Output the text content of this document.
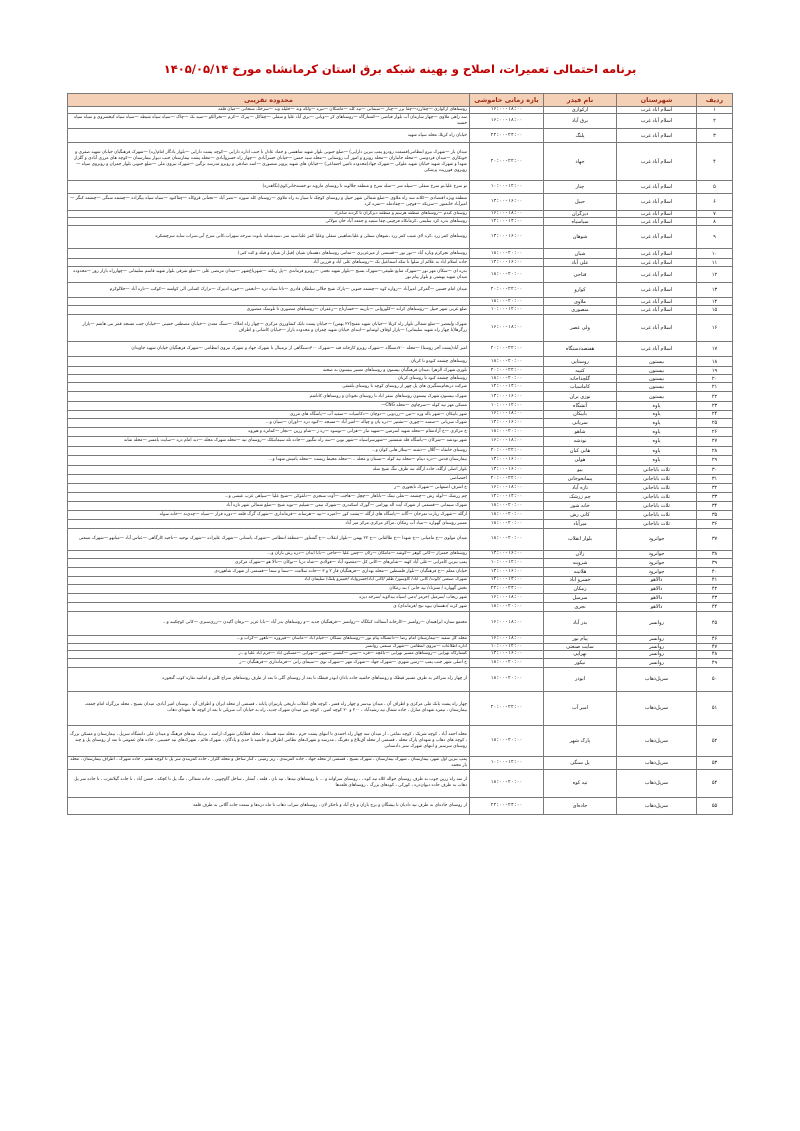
برنامه احتمالی تعمیرات، اصلاح و بهینه شبکه برق استان کرمانشاه مورخ ۱۴۰۵/۰۵/۱۴
ردیف	شهرستان	نام فیدر	بازه زمانی خاموشی	محدوده تقریبی
۱	اسلام آباد غرب	ارکوازی	۱۶:۰۰-۱۸:۰۰	روستاهای ارکوازی —چقازرد—چقا بزر —چنار —سیمانی —تپه کله —ماشکان —تیره —ولکه وند —جلیله وند —سرخک سنجابی —میان قلعه
۲	اسلام آباد غرب	برق آباد	۱۶:۰۰-۱۸:۰۰	سه راهی ملاوی —چهار سازمان آب بلوار فیاضی —کشتارگاه —روستاهای کر —ویانی —برق آباد علیا و سفلی —چقاکل —پیرک —کرم —تخرالکو —سید بک —چاک —سیاه سیاه شیطه —سیاه سیاه کیخسروی و سیاه سیاه خشید
۳	اسلام آباد غرب	پلنگ	۲۲:۰۰-۲۴:۰۰	خیابان راه کربلا، محله سپاه شهید
۴	اسلام آباد غرب	جهاد	۲۰:۰۰-۲۲:۰۰	میدان بار —شهرک نیرو انتظامی(قسمت رودرو پمپ بنزین دارایی) —ضلع جنوبی بلوار شهید شاهسی و حماد عادل تا جنب اداره دارایی —کوچه پشت دارایی —بلوار یادگار امام(ره) —شهرک فرهنگیان خیابان شهید صفری و خونکاری —میدان فردوسی —محله جانبازان —محله روبرو و امور آب روستایی —محله سید حسن —خیابان حسرآبادی —چهار راه خسروآبادی —محله پشت بیمارستان جنب دیوار بیمارستان —کوچه های مرزی آبادی و گلزار شهدا و شهرک شهید خیابان شهید ملوکی —شهرک جهاد(محدوده تامین اجتماعی) —خیابان های شهید پرویز منصوری —اسد صادقی و روبرو مدرسه برگین —شهرک نیروی ملی —ضلع جنوبی بلوار جمران و روبروی سپاه —روبروی فورریت پزشکی
۵	اسلام آباد غرب	چنار	۱۰:۰۰-۱۲:۰۰	تو سرخ علیا،تو سرخ سفلی —سیله سر —سله سرخ و منطقه جلالوند تا روستای ماروند تو خسته‌خانی‌کوی(نگاهدره)
۶	اسلام آباد غرب	حبیل	۱۴:۰۰-۱۶:۰۰	منطقه ویژه اقتصادی —کلانه سه راه ملاوی —ضلع شمالی شهر حبیل و روستای کوچک تا سیار به راه ملاوی —روستای کله سوره —نصر آباد —تحتانی قروکاه —چقاکبود —سیاه سیاه بیگزاده —چشمه سنگی —چشمه کنگر —امیرآباد خانمنور —سریکه —فوچی —چقادمله —تمره کرد
۷	اسلام آباد غرب	دیزگران	۱۶:۰۰-۱۸:۰۰	روستای کندم —روستاهای منطقه هرسم و منطقه دیزگران تا گردنه شاه‌زاد
۸	اسلام آباد غرب	سیاسیاه	۱۲:۰۰-۱۴:۰۰	روستاهای بدره کرد سلیمی ،کرمانکاه فرچینی،چقا سفید و جمعه آباد خان مولائی
۹	اسلام آباد غرب	شوهان	۱۴:۰۰-۱۶:۰۰	روستاهای کمر زرد ،کزه لای شیب کمر زرد ،شوهان سفلی و علیا،شاهینی سفلی وعلیا کمر علیا،سیه سر ،سیه‌شبانه بانوت سرخه سهراب،کانی سرخ آبی،سراب سایه سرچشکره
۱۰	اسلام آباد غرب	شیان	۱۸:۰۰-۲۰:۰۰	روستاهای تجرکرم وتاره آباد —نور نور —قسمتی از میرعزیزی —تمامی روستاهای دهستان شیان (قبل از شیان و قبله و کت کتی)
۱۱	اسلام آباد غرب	علی آباد	۱۴:۰۰-۱۶:۰۰	جاده اسلام اباد به علائم از سلوا تا تنکه اسماعیل بک —روستاهای علی اباد و فرزین آباد
۱۲	اسلام آباد غرب	فتاحی	۱۸:۰۰-۲۰:۰۰	بدره ای —سکان مهر نور —شهرک منابع طبیعی—شهرک بسیج —بلوار شهید نخعی —روبرو فرماندی —پل زنکنه —شهرباغ‌شهر —میدان مرتضی علی —ضلع شرقی بلوار شهید قاسم سلیمانی —چهارراه بازار روز —محدوده میدان شهید بهشتی و بلوار پیام نور
۱۳	اسلام آباد غرب	کوارو	۲۰:۰۰-۲۲:۰۰	میدان امام حسین —گمرکی امیرآباد —زواره کوه —چشمه جنوبی —پارک شیخ جلالی سلطان قادری —تاتا سیاه دره —انجمن —حوزه ادبیرک —نزارک کسانی الی کولسه —کوکب —تاره آباد —جلالوکرم
۱۴	اسلام آباد غرب	ملاوی	۱۸:۰۰-۲۰:۰۰	
۱۵	اسلام آباد غرب	منصوری	۱۰:۰۰-۱۲:۰۰	ضلع غربی شهر حبیل —روستاهای کرانه —کلوروانی —بارینه —خسارتاج —زعفران —روستاهای منصوری تا تلوسک منصوری
۱۶	اسلام آباد غرب	ولی عصر	۱۶:۰۰-۱۸:۰۰	شهرک ولیعصر —ضلع شمالی بلوار راه کربلا —خیابان شهید مفتح(۲۲ بهمن) —خیابان پشت بانک کشاورزی مرکزی —چهار راه املاک —سنگ معدن —خیابان مصطفی خمینی —خیابان جنب مسجد قمر بنی هاشم —بازار زرگرها(تا چهار راه شهید سلیمانی) —بازار اوقاف لوشانو —ابتدای خیابان شهید چمران و محدوده بازار —خیابان کاشانی و اطراف
۱۷	اسلام آباد غرب	هفتصددستگاه	۲۰:۰۰-۲۲:۰۰	امیر آباد(پشت آخر روستا) —محله ۷۰۰دستگاه —شهرک روبرو کارخانه قند —شهرک ۳۰۰دستگاهی از ترمینال تا شهرک جهاد و شهرک نیروی انتظامی —شهرک فرهنگیان خیابان شهید جاویدان
۱۸	بیستون	روستایی	۱۸:۰۰-۲۰:۰۰	روستاهای چشمه کبودو نا کریان
۱۹	بیستون	کتیبه	۲۰:۰۰-۲۲:۰۰	بلوری،شهرک الزهرا ،میدان فرهنگیان بیستون و روستاهای مسیر بیستون به صحنه
۲۰	بیستون	گلچداخانه	۱۸:۰۰-۲۰:۰۰	روستاهای چشمه کبود تا روستای کریان
۲۱	بیستون	کاماسیاب	۱۲:۰۰-۱۴:۰۰	شرکت درنجام‌سنگبری های پل چهر از روستای کوچه تا روستای بلفتقی
۲۲	بیستون	نوزی بران	۱۴:۰۰-۱۶:۰۰	شهرک بیستون،شهرک بیستون روستاهای سفر اباد تا روستای نخودان و روستاهای کاناشم
۲۳	پاوه	آتشگاه	۱۰:۰۰-۱۲:۰۰	مسکن مهر تپه کوله —سرچاوی —محله CNG—
۲۴	پاوه	بابیکان	۱۶:۰۰-۱۸:۰۰	شهر بابیکان —شهر باله وره —تین —زردویی —دوچان —دکاسیات —سفید آب —پاسگاه های مرزی
۲۵	پاوه	سریانی	۱۴:۰۰-۱۶:۰۰	شهرک سریانی —سسه —چوری —تشتپر —دره پان و چپاله —امیر آباد —مسجد —کبود دره —اوران —سپان و...
۲۶	پاوه	شاهو	۱۸:۰۰-۲۰:۰۰	خ مرکزی —خ آزادمقام —محله شهید اسرمین —شهید تبار —هرانی —نوسود —ره ز —شام زرین —نجار —کماتره و هیروه
۲۷	پاوه	نودشه	۱۶:۰۰-۱۸:۰۰	شهر نودشه —شرکان —پاسگاه قله شمشیر —شهرسراسیاه —شهر نوین —سه راه تنگیور —جاده تله سیماتیکک —روستای تپه —محله شهرک محله —دید امام دره —سایت بامسر —محله شانه
۲۸	پاوه	هانی کبان	۲۰:۰۰-۲۲:۰۰	روستای خانقاه —گلال —ذشته —بیتلار هانی کوان و...
۲۹	پاوه	هولی	۱۴:۰۰-۱۶:۰۰	بیمارستان قدس —دره دینام —محله تپه کوله —بستان و محله ...—محله محیط زیست —محله یامیش شهدا و...
۳۰	ثلاث باباجانی	بیو	۱۴:۰۰-۱۶:۰۰	بلوار اصلی ازگله، جاده ازگله تبه طرف تنگ شیخ سله
۳۱	ثلاث باباجانی	پیمانخوجانی	۲۰:۰۰-۲۲:۰۰	اختصاصی
۳۲	ثلاث باباجانی	تازه آباد	۱۶:۰۰-۱۸:۰۰	خ اشرف اصفهانی —شهرک تایجوزی —ر
۳۳	ثلاث باباجانی	چم زرشک	۱۲:۰۰-۱۴:۰۰	چم زرشک —لوله رش —چشمه —نعلی تیتک —باباهار —چچل —هاجب —آوت سنجری —دلقوکی —شیخ علیا —سپاهی غرب عیسی و...
۳۴	ثلاث باباجانی	خانه شور	۱۸:۰۰-۲۰:۰۰	شهرک سیمانی —قسمتی از شهرک آیت اله بهرامی —گورک اسکندری —شهرک تیمن —شیلیم —توپه شیخ —ضلع شمالی شهر تازه آباد
۳۵	ثلاث باباجانی	کانی رش	۱۸:۰۰-۲۰:۰۰	ازگله —شهرک زیارت تمرخان —گانه —پاسگاه های ازگله —پشت کور —امیره —تپه —هرسانه —فرمانداری —شهرک گرگ قلعه —دوره فرار —سیاه —چدی‌نه —خانه سوله
۳۶	ثلاث باباجانی	میرآباد	۱۸:۰۰-۲۰:۰۰	مسیر روستای گهواره —بنیاد آب زمکان ،مراکز مرکزی مرکز میر آباد
۳۷	جوانرود	بلوار انقلاب	۱۸:۰۰-۲۰:۰۰	میدان مولوی —خ مامیانی —خ شهدا —خ طالقانی —خ ۲۲ بهمن —بلوار انقلاب —خ گشتاوز —منطقه انتظامی —شهرک باستانی —شهرک علیزاده —شهرک توحید —ناحیه کارگاهی —عباس آباد —میانهو —شهرک صنعتی
۳۸	جوانرود	زلان	۱۴:۰۰-۱۶:۰۰	روستاهای جمنزار —کانی کوهر —کوشه —مامکان —زلان —چمن علیا —حاجی —بابا آیدان —دره رش باران و...
۳۹	جوانرود	شروینه	۱۰:۰۰-۱۲:۰۰	پمپ بنزین کامرانی —علی آباد کهنه —شابرهای —کانی کل —مقصود آباد —فولادی —شاه دریا —نوکان —دالا هو —شهرک مرکزی
۴۰	جوانرود	هلاتینه	۱۴:۰۰-۱۶:۰۰	خیابان معلم —خ فرهنگیان —بلوار فلسطین —محله بهداری —فرهنگیان فاز ۲ و ۳ —جاده سلامت —سما و سما —قسمتی از شهرک شاهوردی
۴۱	دالاهو	خسرو آباد	۱۲:۰۰-۱۴:۰۰	شهرک صنعتی /کوت/ کانی آباد/ کاوسوز/ ظلم /کانی آباد/خسروآباد /خسرو پلنگ/ سلیمان آباد
۴۲	دالاهو	زمکان	۲۲:۰۰-۲۴:۰۰	بخش گهواره / منترناد/ تپه خانی / بند زمکان
۴۳	دالاهو	سرمیل	۱۶:۰۰-۱۸:۰۰	شهر ریجاب /سرمیل /حرمر /دمی /سیاه بیدلاویه /سرخه دیزه
۴۴	دالاهو	نجری	۱۸:۰۰-۲۰:۰۰	شهر کرند /دهستان بیوه نیج /فرماندای/ ی
۴۵	روانسر	بدر آباد	۱۶:۰۰-۱۸:۰۰	مجتمع ستاره ابراهیمان —روانسر —کارخانه آسفالت کبکگاه —روانسر —فرهنگیان جدید —و روستاهای بدر آباد —بابا عزیز —برفان آکیدن —زری‌سبزی —کانی کوچکینه و...
۴۶	روانسر	پیام نور	۱۶:۰۰-۱۸:۰۰	محله گل سفید —بیمارستان امام رضا —دانشگاه پیام نور —روستاهای سنگان —خیام آباد —ماسان —فیروزه —ناهور —کراب و...
۴۷	روانسر	سایت صنعتی	۱۰:۰۰-۱۲:۰۰	اداره اطلاعات —نیروی انتظامی —شهرک صنعتی روانسر
۴۸	روانسر	نهرآیی	۱۴:۰۰-۱۶:۰۰	کشتارگاه نهرآیی —روستاهای مسیر نهرآیی —باغچه —قره —تیس —گشتنر —شهر —نهرآیی —مسکین آباد —خرم آباد علیا و...ر
۴۹	روانسر	نیکور	۱۸:۰۰-۲۰:۰۰	خ اصلی شهر جنب پمپ —زمین شهری —شهرک جهاد —شهرک مهر —شهرک نوی —سیمای رانی —فرمانداری —فرهنگیان —ر
۵۰	سرپل‌ذهاب	ابوذر	۱۸:۰۰-۲۰:۰۰	از چهار راه سراکتر به طرف مسیر قیطک و روستاهای حاشیه جاده بادان ابوذر قیطک تا بعد از روستای گلی تا بعد از طرف روستاهای سراچ کلین و امامیه نقاره کوب گنجوره
۵۱	سرپل‌ذهاب	امیر آب	۲۰:۰۰-۲۲:۰۰	چهار راه پشت بانک ملی مرکزی و اطراف آن ، میدان بیدسر و چهار راه قمیر ، کوچه های انقلاب تاریخی پارتیزان پایانه ، قسمتی از محله ایران و اطراف آن ، بوستان امیر آبادی، میدان بسیج ، محله بزرگراه امام جمعه، بیمارستان ، تیمره شهدای منازل ، جاده شمال تپه رشیدآباد ، ۲۰۰ و ۲۰ کوچه امین ، کوچه بین میدان شهرک جدید، راه به خیابان آب سرپلی تا بعد از کوچه ها شهدای ذهاب
۵۲	سرپل‌ذهاب	پارک شهر	۱۸:۰۰-۲۰:۰۰	محله احمد آباد ، کوچه شریک ، کوچه نمامی ، از میدان سه چهار راه احمدی تا انتهای پشت حرم ، محله سید هسفاد ، محله قطایکی شهرک ارامنه ، نزدیک تپه‌های فرهنگ و میدان علی دانشگاه سرپل ، بیمارستان و مسکن بزرگ ، کوچه های ذهاب و شهدای پارک محله ، قسمتی از محله آق‌بلاغ و دهرنگ ، مدرسه و شهرک‌های نظامی اطراف و حاشیه تا حدی و پادگان ، شهرک قائم ، شهرک‌های تپه حسینی ، جاده های عمومی تا بعد از روستای پل و چند روستای سرسبز و انتهای شهرک سبز دادستانی
۵۳	سرپل‌ذهاب	پل سنگی	۱۰:۰۰-۱۲:۰۰	پمپ بنزین اول شهر، بیمارستان ، شهرک بیمارستان ، شهرک بسیج ، قسمتی از محله جهاد ، جاده کمربندی ، زیر زمینی ، کنار ساحل و محله گلزار ، جاده کمربندی سر پل تا کوچه هفتم ، جاده شهرک ، اطراف بیمارستان ، محله یار محمد
۵۴	سرپل‌ذهاب	تپه کوه	۱۸:۰۰-۲۰:۰۰	از سه راه زرین جوب به طرف روستای حواله کلاه تپه کوه ، ، روستای سراوانه و ... تا روستاهای تپه‌ها ، تپه بان ، قلعه ، آبشار ، ساحل گاوچوبی ، جاده شمالی ، تنگ پل تا کچکه ، حسن آباد ، تا جاده گیلانغرب ، تا جاده سر پل ذهاب به طرف جاده دیوان‌دره ، کورکی ، کوه‌های بزرگ ، روستاهای قلعه‌ها
۵۵	سرپل‌ذهاب	جاده‌ای	۲۲:۰۰-۲۴:۰۰	از روستای جاده‌ای به طرف تپه دادیان تا بیشگان و برج بازان و تاج آباد و تاجکر لان ، روستاهای سراب ذهاب تا ماه دره‌ها و سمت جاده گلانی به طرف قلعه
